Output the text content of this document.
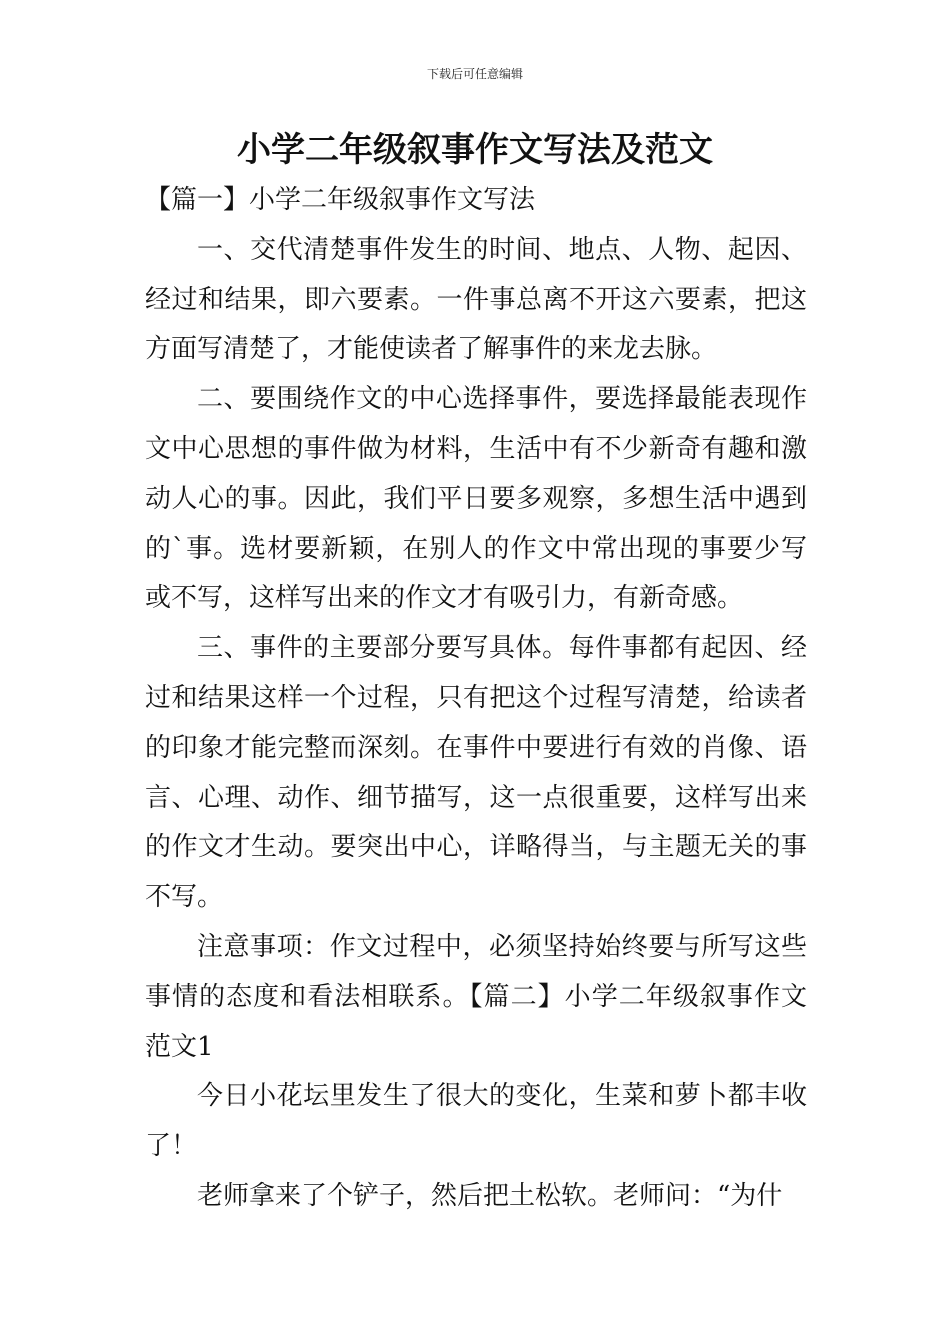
下载后可任意编辑
小学二年级叙事作文写法及范文

【篇一】小学二年级叙事作文写法

一、交代清楚事件发生的时间、地点、人物、起因、经过和结果，即六要素。一件事总离不开这六要素，把这方面写清楚了，才能使读者了解事件的来龙去脉。

二、要围绕作文的中心选择事件，要选择最能表现作文中心思想的事件做为材料，生活中有不少新奇有趣和激动人心的事。因此，我们平日要多观察，多想生活中遇到的`事。选材要新颖，在别人的作文中常出现的事要少写或不写，这样写出来的作文才有吸引力，有新奇感。

三、事件的主要部分要写具体。每件事都有起因、经过和结果这样一个过程，只有把这个过程写清楚，给读者的印象才能完整而深刻。在事件中要进行有效的肖像、语言、心理、动作、细节描写，这一点很重要，这样写出来的作文才生动。要突出中心，详略得当，与主题无关的事不写。

注意事项：作文过程中，必须坚持始终要与所写这些事情的态度和看法相联系。【篇二】小学二年级叙事作文范文1

今日小花坛里发生了很大的变化，生菜和萝卜都丰收了！

老师拿来了个铲子，然后把土松软。老师问：“为什
